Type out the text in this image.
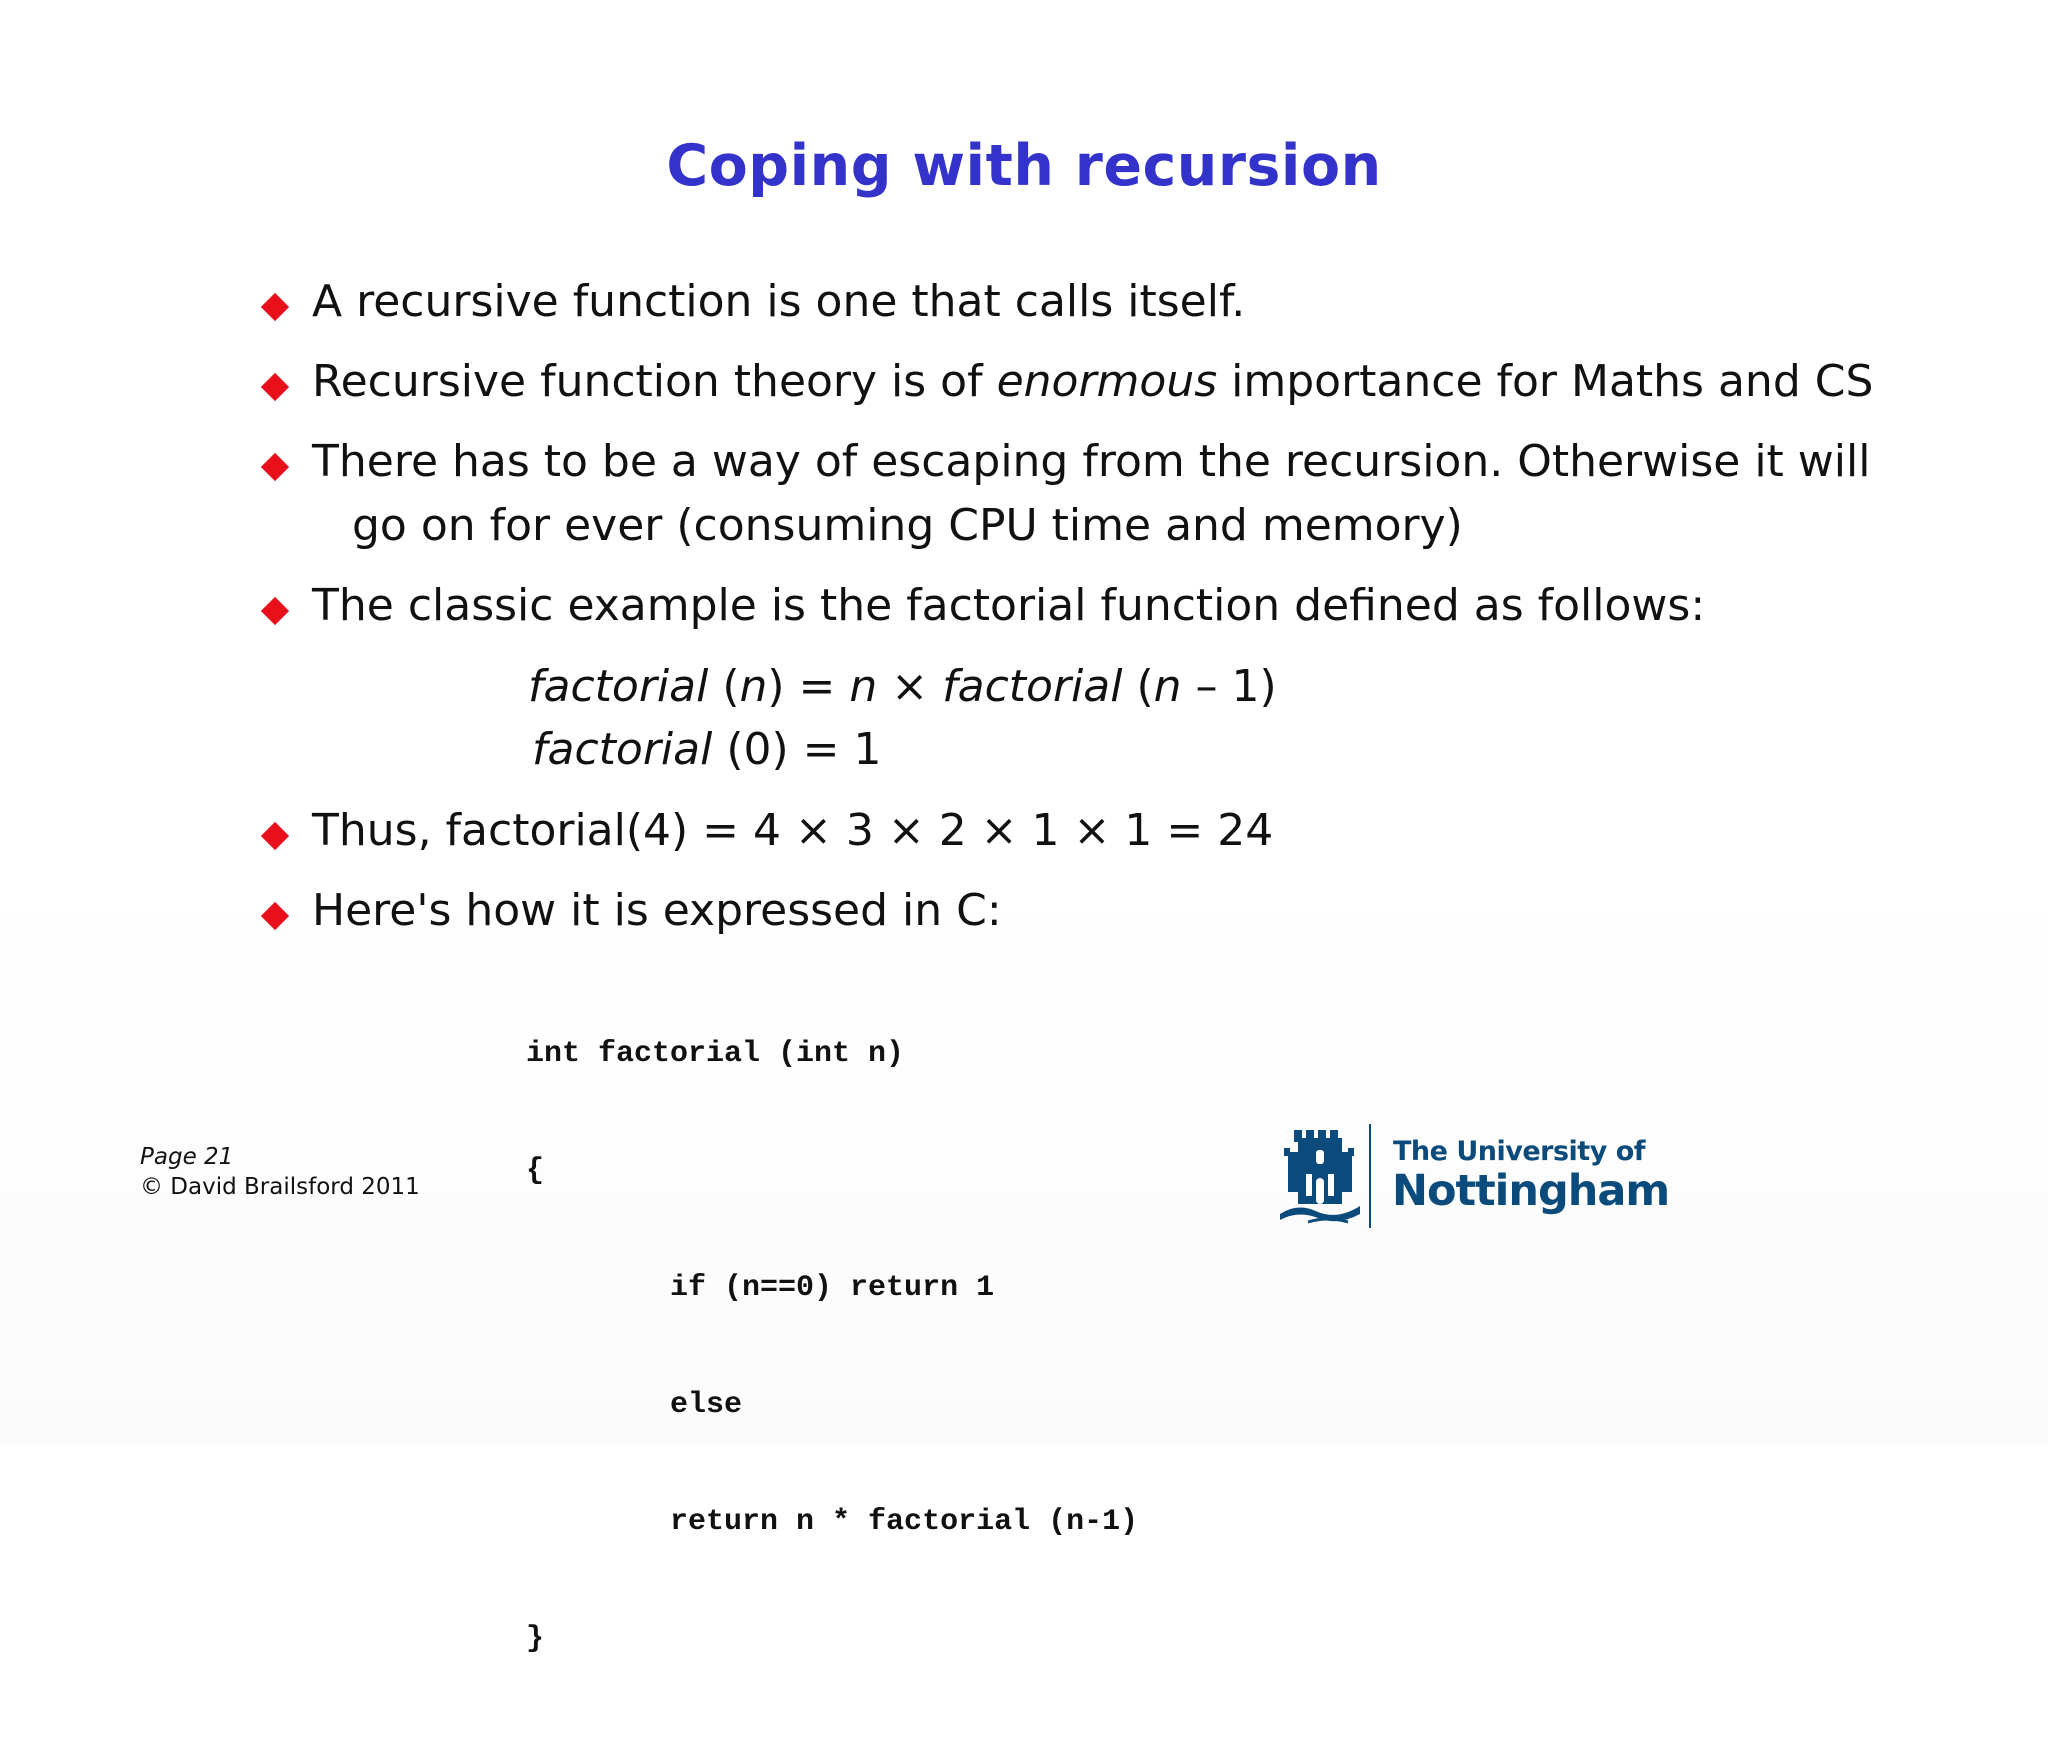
Coping with recursion
A recursive function is one that calls itself.
Recursive function theory is of enormous importance for Maths and CS
There has to be a way of escaping from the recursion. Otherwise it will
go on for ever (consuming CPU time and memory)
The classic example is the factorial function defined as follows:
factorial (n) = n × factorial (n – 1)
factorial (0) = 1
Thus, factorial(4) = 4 × 3 × 2 × 1 × 1 = 24
Here's how it is expressed in C:

int factorial (int n)

{

if (n==0) return 1

else

return n * factorial (n-1)

}

Page 21
© David Brailsford 2011
The University of
Nottingham
